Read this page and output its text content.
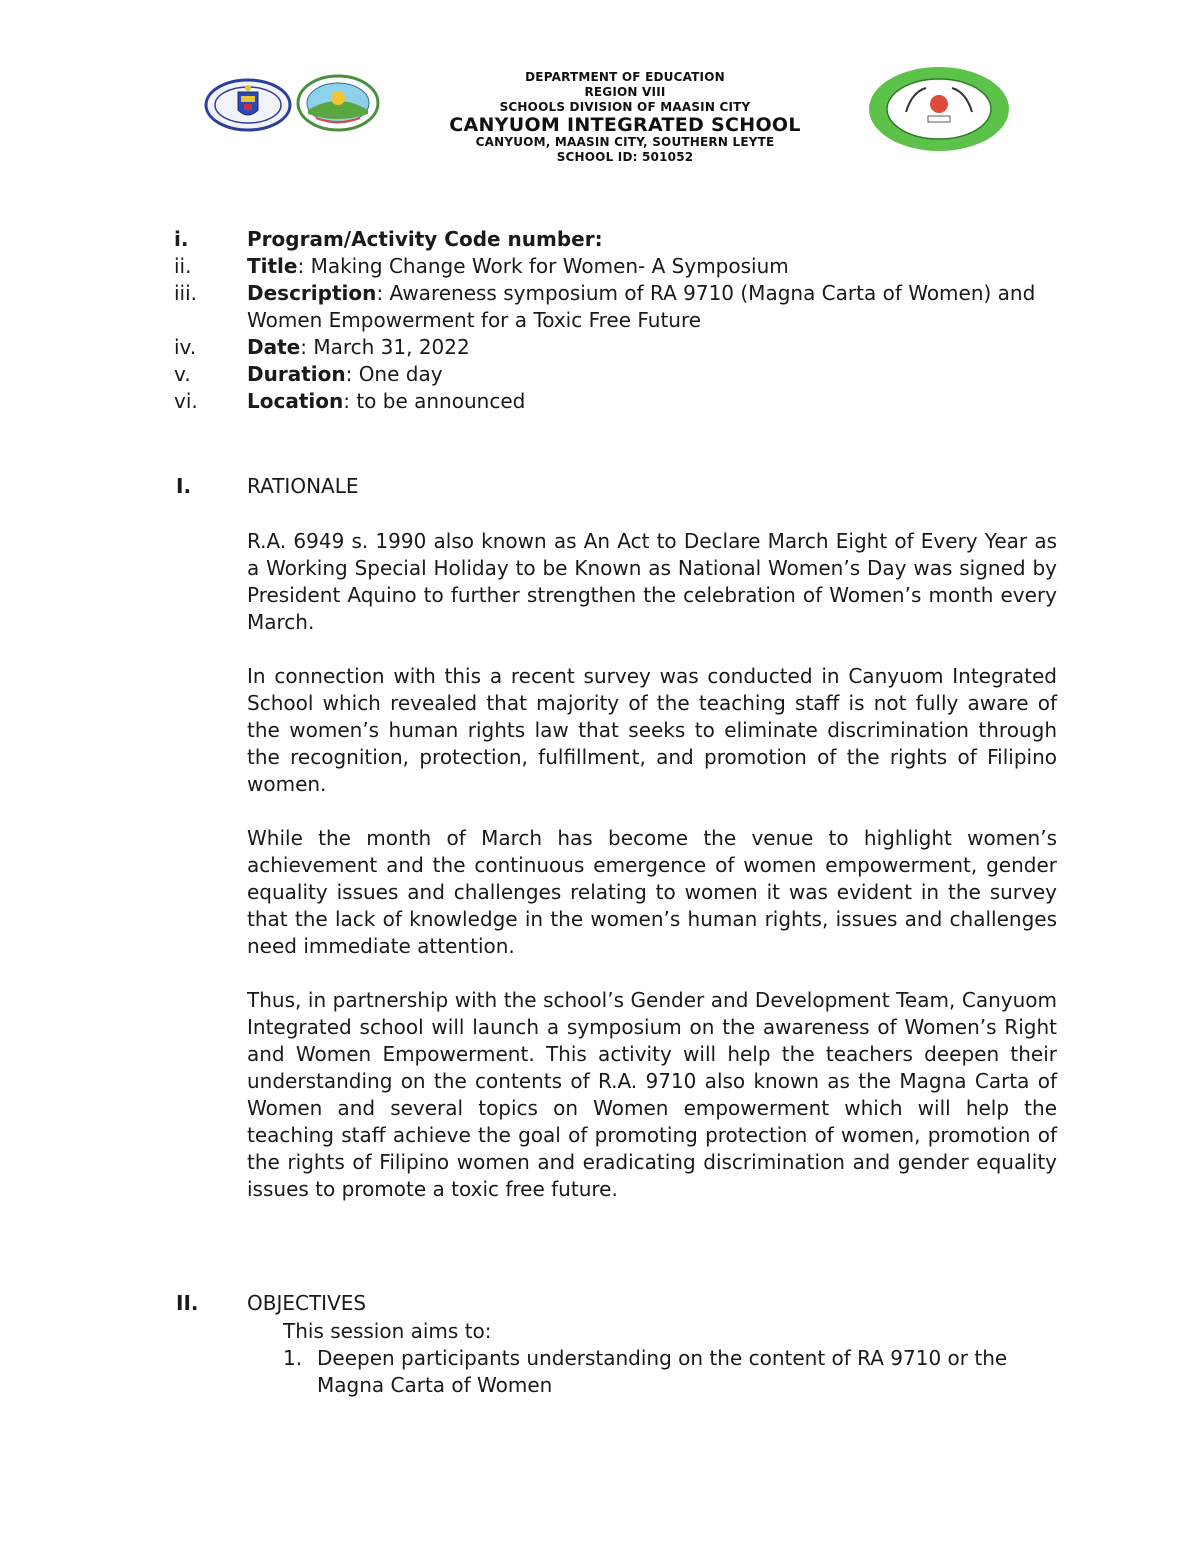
DEPARTMENT OF EDUCATION
REGION VIII
SCHOOLS DIVISION OF MAASIN CITY
CANYUOM INTEGRATED SCHOOL
CANYUOM, MAASIN CITY, SOUTHERN LEYTE
SCHOOL ID: 501052
i.	Program/Activity Code number:
ii.	Title: Making Change Work for Women- A Symposium
iii.	Description: Awareness symposium of RA 9710 (Magna Carta of Women) and Women Empowerment for a Toxic Free Future
iv.	Date: March 31, 2022
v.	Duration: One day
vi.	Location: to be announced
I.	RATIONALE

R.A. 6949 s. 1990 also known as An Act to Declare March Eight of Every Year as a Working Special Holiday to be Known as National Women’s Day was signed by President Aquino to further strengthen the celebration of Women’s month every March.

In connection with this a recent survey was conducted in Canyuom Integrated School which revealed that majority of the teaching staff is not fully aware of the women’s human rights law that seeks to eliminate discrimination through the recognition, protection, fulfillment, and promotion of the rights of Filipino women.

While the month of March has become the venue to highlight women’s achievement and the continuous emergence of women empowerment, gender equality issues and challenges relating to women it was evident in the survey that the lack of knowledge in the women’s human rights, issues and challenges need immediate attention.

Thus, in partnership with the school’s Gender and Development Team, Canyuom Integrated school will launch a symposium on the awareness of Women’s Right and Women Empowerment. This activity will help the teachers deepen their understanding on the contents of R.A. 9710 also known as the Magna Carta of Women and several topics on Women empowerment which will help the teaching staff achieve the goal of promoting protection of women, promotion of the rights of Filipino women and eradicating discrimination and gender equality issues to promote a toxic free future.

II.	OBJECTIVES
This session aims to:
1. Deepen participants understanding on the content of RA 9710 or the Magna Carta of Women
